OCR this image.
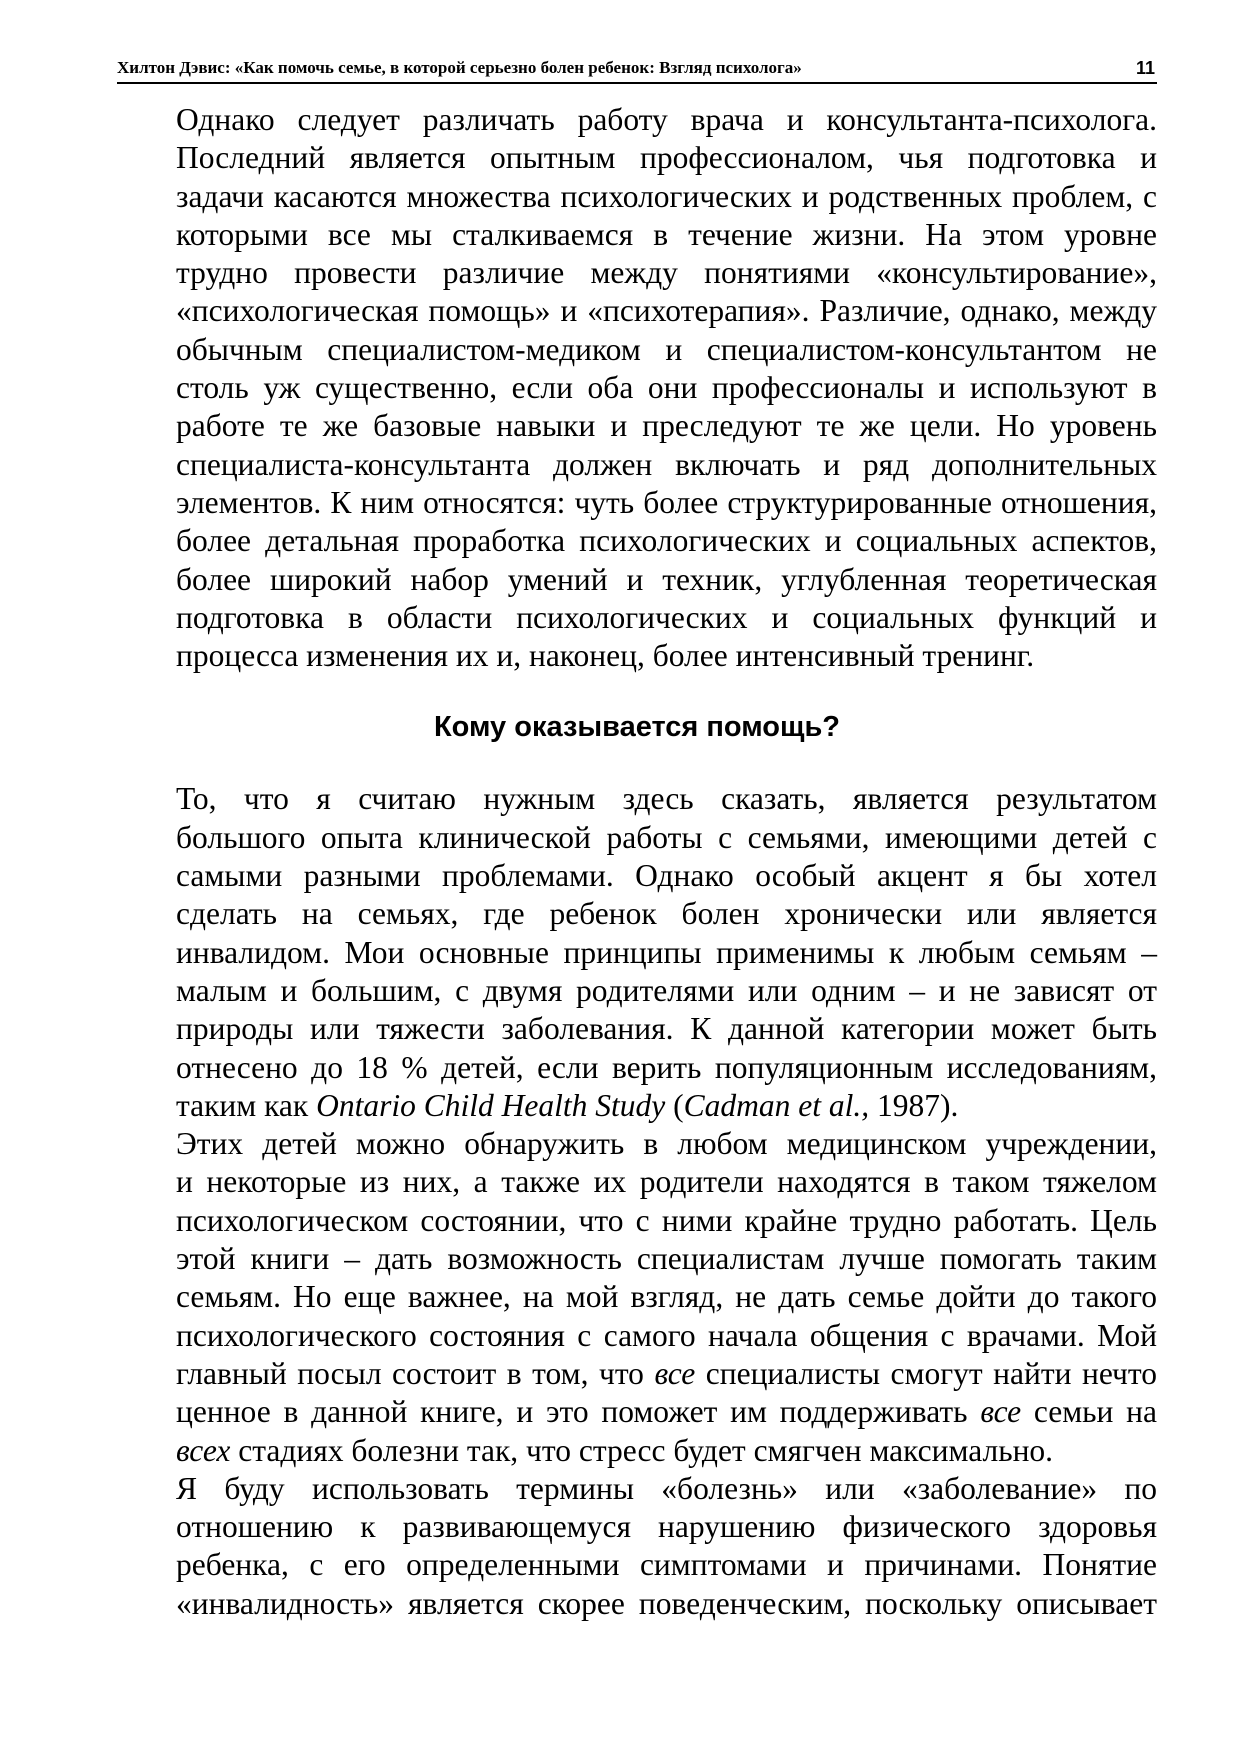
Хилтон Дэвис: «Как помочь семье, в которой серьезно болен ребенок: Взгляд психолога»	11

Однако следует различать работу врача и консультанта-психолога.
Последний является опытным профессионалом, чья подготовка и
задачи касаются множества психологических и родственных проблем, с
которыми все мы сталкиваемся в течение жизни. На этом уровне
трудно провести различие между понятиями «консультирование»,
«психологическая помощь» и «психотерапия». Различие, однако, между
обычным специалистом-медиком и специалистом-консультантом не
столь уж существенно, если оба они профессионалы и используют в
работе те же базовые навыки и преследуют те же цели. Но уровень
специалиста-консультанта должен включать и ряд дополнительных
элементов. К ним относятся: чуть более структурированные отношения,
более детальная проработка психологических и социальных аспектов,
более широкий набор умений и техник, углубленная теоретическая
подготовка в области психологических и социальных функций и
процесса изменения их и, наконец, более интенсивный тренинг.

Кому оказывается помощь?

То, что я считаю нужным здесь сказать, является результатом
большого опыта клинической работы с семьями, имеющими детей с
самыми разными проблемами. Однако особый акцент я бы хотел
сделать на семьях, где ребенок болен хронически или является
инвалидом. Мои основные принципы применимы к любым семьям –
малым и большим, с двумя родителями или одним – и не зависят от
природы или тяжести заболевания. К данной категории может быть
отнесено до 18 % детей, если верить популяционным исследованиям,
таким как Ontario Child Health Study (Cadman et al., 1987).

Этих детей можно обнаружить в любом медицинском учреждении,
и некоторые из них, а также их родители находятся в таком тяжелом
психологическом состоянии, что с ними крайне трудно работать. Цель
этой книги – дать возможность специалистам лучше помогать таким
семьям. Но еще важнее, на мой взгляд, не дать семье дойти до такого
психологического состояния с самого начала общения с врачами. Мой
главный посыл состоит в том, что все специалисты смогут найти нечто
ценное в данной книге, и это поможет им поддерживать все семьи на
всех стадиях болезни так, что стресс будет смягчен максимально.

Я буду использовать термины «болезнь» или «заболевание» по
отношению к развивающемуся нарушению физического здоровья
ребенка, с его определенными симптомами и причинами. Понятие
«инвалидность» является скорее поведенческим, поскольку описывает
